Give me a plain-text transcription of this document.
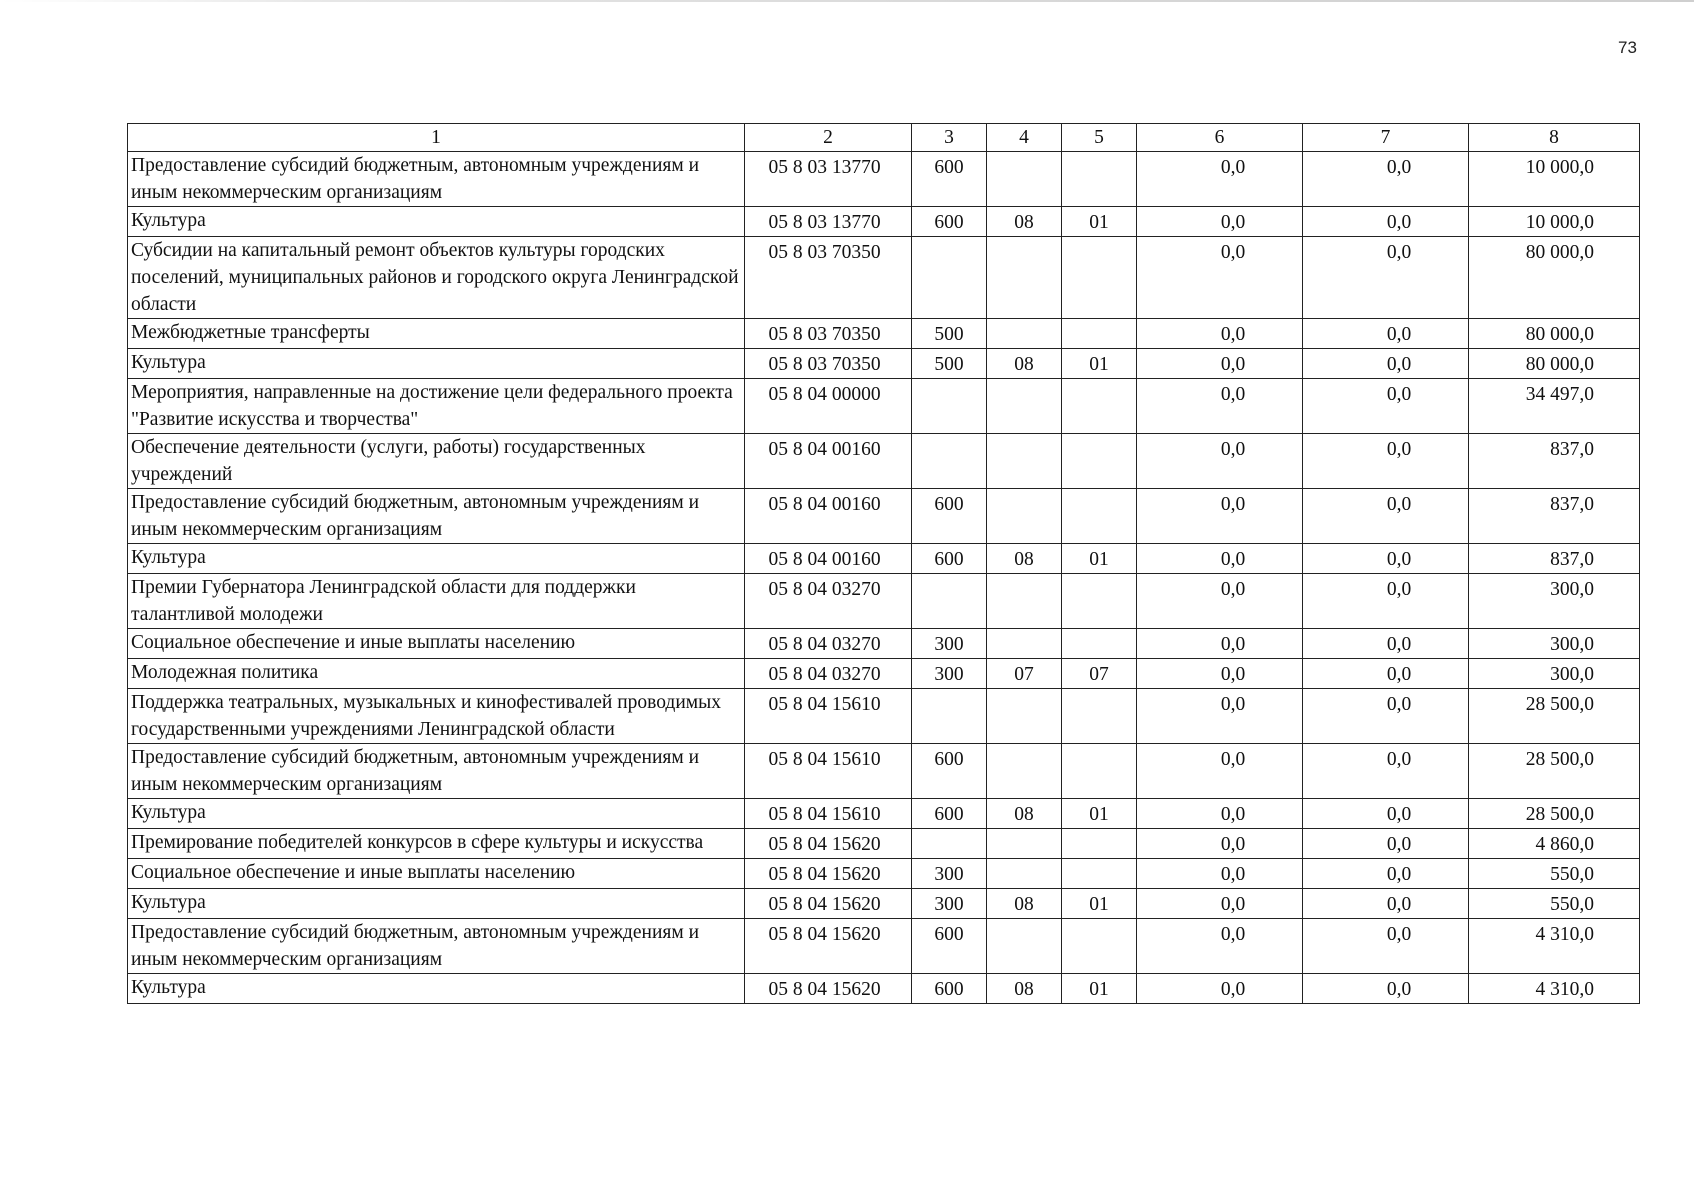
73
1	2	3	4	5	6	7	8
Предоставление субсидий бюджетным, автономным учреждениям и иным некоммерческим организациям	05 8 03 13770	600			0,0	0,0	10 000,0
Культура	05 8 03 13770	600	08	01	0,0	0,0	10 000,0
Субсидии на капитальный ремонт объектов культуры городских поселений, муниципальных районов и городского округа Ленинградской области	05 8 03 70350				0,0	0,0	80 000,0
Межбюджетные трансферты	05 8 03 70350	500			0,0	0,0	80 000,0
Культура	05 8 03 70350	500	08	01	0,0	0,0	80 000,0
Мероприятия, направленные на достижение цели федерального проекта "Развитие искусства и творчества"	05 8 04 00000				0,0	0,0	34 497,0
Обеспечение деятельности (услуги, работы) государственных учреждений	05 8 04 00160				0,0	0,0	837,0
Предоставление субсидий бюджетным, автономным учреждениям и иным некоммерческим организациям	05 8 04 00160	600			0,0	0,0	837,0
Культура	05 8 04 00160	600	08	01	0,0	0,0	837,0
Премии Губернатора Ленинградской области для поддержки талантливой молодежи	05 8 04 03270				0,0	0,0	300,0
Социальное обеспечение и иные выплаты населению	05 8 04 03270	300			0,0	0,0	300,0
Молодежная политика	05 8 04 03270	300	07	07	0,0	0,0	300,0
Поддержка театральных, музыкальных и кинофестивалей проводимых государственными учреждениями Ленинградской области	05 8 04 15610				0,0	0,0	28 500,0
Предоставление субсидий бюджетным, автономным учреждениям и иным некоммерческим организациям	05 8 04 15610	600			0,0	0,0	28 500,0
Культура	05 8 04 15610	600	08	01	0,0	0,0	28 500,0
Премирование победителей конкурсов в сфере культуры и искусства	05 8 04 15620				0,0	0,0	4 860,0
Социальное обеспечение и иные выплаты населению	05 8 04 15620	300			0,0	0,0	550,0
Культура	05 8 04 15620	300	08	01	0,0	0,0	550,0
Предоставление субсидий бюджетным, автономным учреждениям и иным некоммерческим организациям	05 8 04 15620	600			0,0	0,0	4 310,0
Культура	05 8 04 15620	600	08	01	0,0	0,0	4 310,0
